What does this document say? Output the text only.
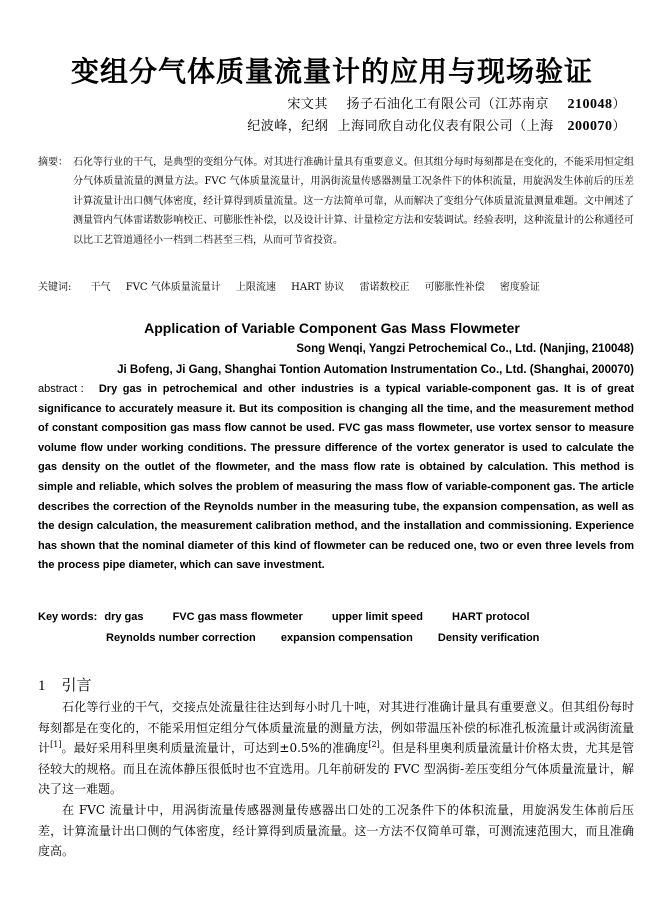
变组分气体质量流量计的应用与现场验证
宋文其 扬子石油化工有限公司（江苏南京 210048）
纪波峰，纪纲 上海同欣自动化仪表有限公司（上海 200070）
摘要： 石化等行业的干气，是典型的变组分气体。对其进行准确计量具有重要意义。但其组分每时每刻都是在变化的，不能采用恒定组分气体质量流量的测量方法。FVC 气体质量流量计，用涡街流量传感器测量工况条件下的体积流量，用旋涡发生体前后的压差计算流量计出口侧气体密度，经计算得到质量流量。这一方法简单可靠，从而解决了变组分气体质量流量测量难题。文中阐述了测量管内气体雷诺数影响校正、可膨胀性补偿，以及设计计算、计量检定方法和安装调试。经验表明，这种流量计的公称通径可以比工艺管道通径小一档到二档甚至三档，从而可节省投资。
关键词: 干气 FVC 气体质量流量计 上限流速 HART 协议 雷诺数校正 可膨胀性补偿 密度验证
Application of Variable Component Gas Mass Flowmeter
Song Wenqi, Yangzi Petrochemical Co., Ltd. (Nanjing, 210048)
Ji Bofeng, Ji Gang, Shanghai Tontion Automation Instrumentation Co., Ltd. (Shanghai, 200070)
abstract： Dry gas in petrochemical and other industries is a typical variable-component gas. It is of great significance to accurately measure it. But its composition is changing all the time, and the measurement method of constant composition gas mass flow cannot be used. FVC gas mass flowmeter, use vortex sensor to measure volume flow under working conditions. The pressure difference of the vortex generator is used to calculate the gas density on the outlet of the flowmeter, and the mass flow rate is obtained by calculation. This method is simple and reliable, which solves the problem of measuring the mass flow of variable-component gas. The article describes the correction of the Reynolds number in the measuring tube, the expansion compensation, as well as the design calculation, the measurement calibration method, and the installation and commissioning. Experience has shown that the nominal diameter of this kind of flowmeter can be reduced one, two or even three levels from the process pipe diameter, which can save investment.
Key words: dry gas	FVC gas mass flowmeter	upper limit speed	HART protocol
Reynolds number correction expansion compensation Density verification
1 引言

石化等行业的干气，交接点处流量往往达到每小时几十吨，对其进行准确计量具有重要意义。但其组份每时每刻都是在变化的，不能采用恒定组分气体质量流量的测量方法，例如带温压补偿的标准孔板流量计或涡街流量计[1]。最好采用科里奥利质量流量计，可达到±0.5%的准确度[2]。但是科里奥利质量流量计价格太贵，尤其是管径较大的规格。而且在流体静压很低时也不宜选用。几年前研发的 FVC 型涡街-差压变组分气体质量流量计，解决了这一难题。

在 FVC 流量计中，用涡街流量传感器测量传感器出口处的工况条件下的体积流量，用旋涡发生体前后压差，计算流量计出口侧的气体密度，经计算得到质量流量。这一方法不仅简单可靠，可测流速范围大，而且准确度高。
